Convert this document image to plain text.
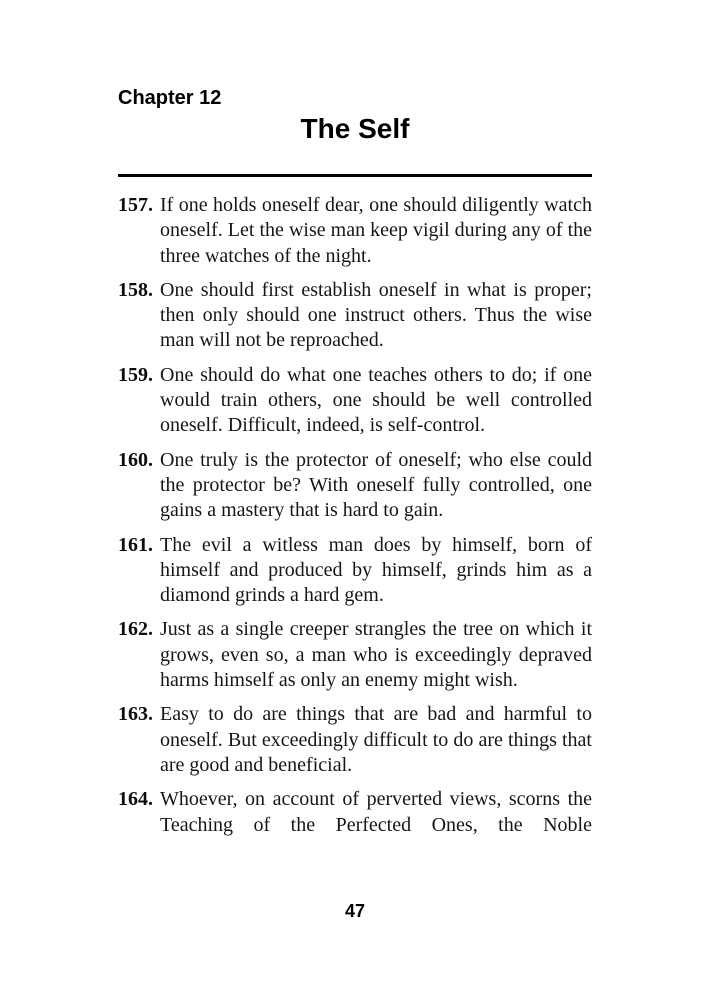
Chapter 12
The Self

157. If one holds oneself dear, one should diligently watch oneself. Let the wise man keep vigil during any of the three watches of the night.

158. One should first establish oneself in what is proper; then only should one instruct others. Thus the wise man will not be reproached.

159. One should do what one teaches others to do; if one would train others, one should be well controlled oneself. Difficult, indeed, is self-control.

160. One truly is the protector of oneself; who else could the protector be? With oneself fully controlled, one gains a mastery that is hard to gain.

161. The evil a witless man does by himself, born of himself and produced by himself, grinds him as a diamond grinds a hard gem.

162. Just as a single creeper strangles the tree on which it grows, even so, a man who is exceedingly depraved harms himself as only an enemy might wish.

163. Easy to do are things that are bad and harmful to oneself. But exceedingly difficult to do are things that are good and beneficial.

164. Whoever, on account of perverted views, scorns the Teaching of the Perfected Ones, the Noble

47
